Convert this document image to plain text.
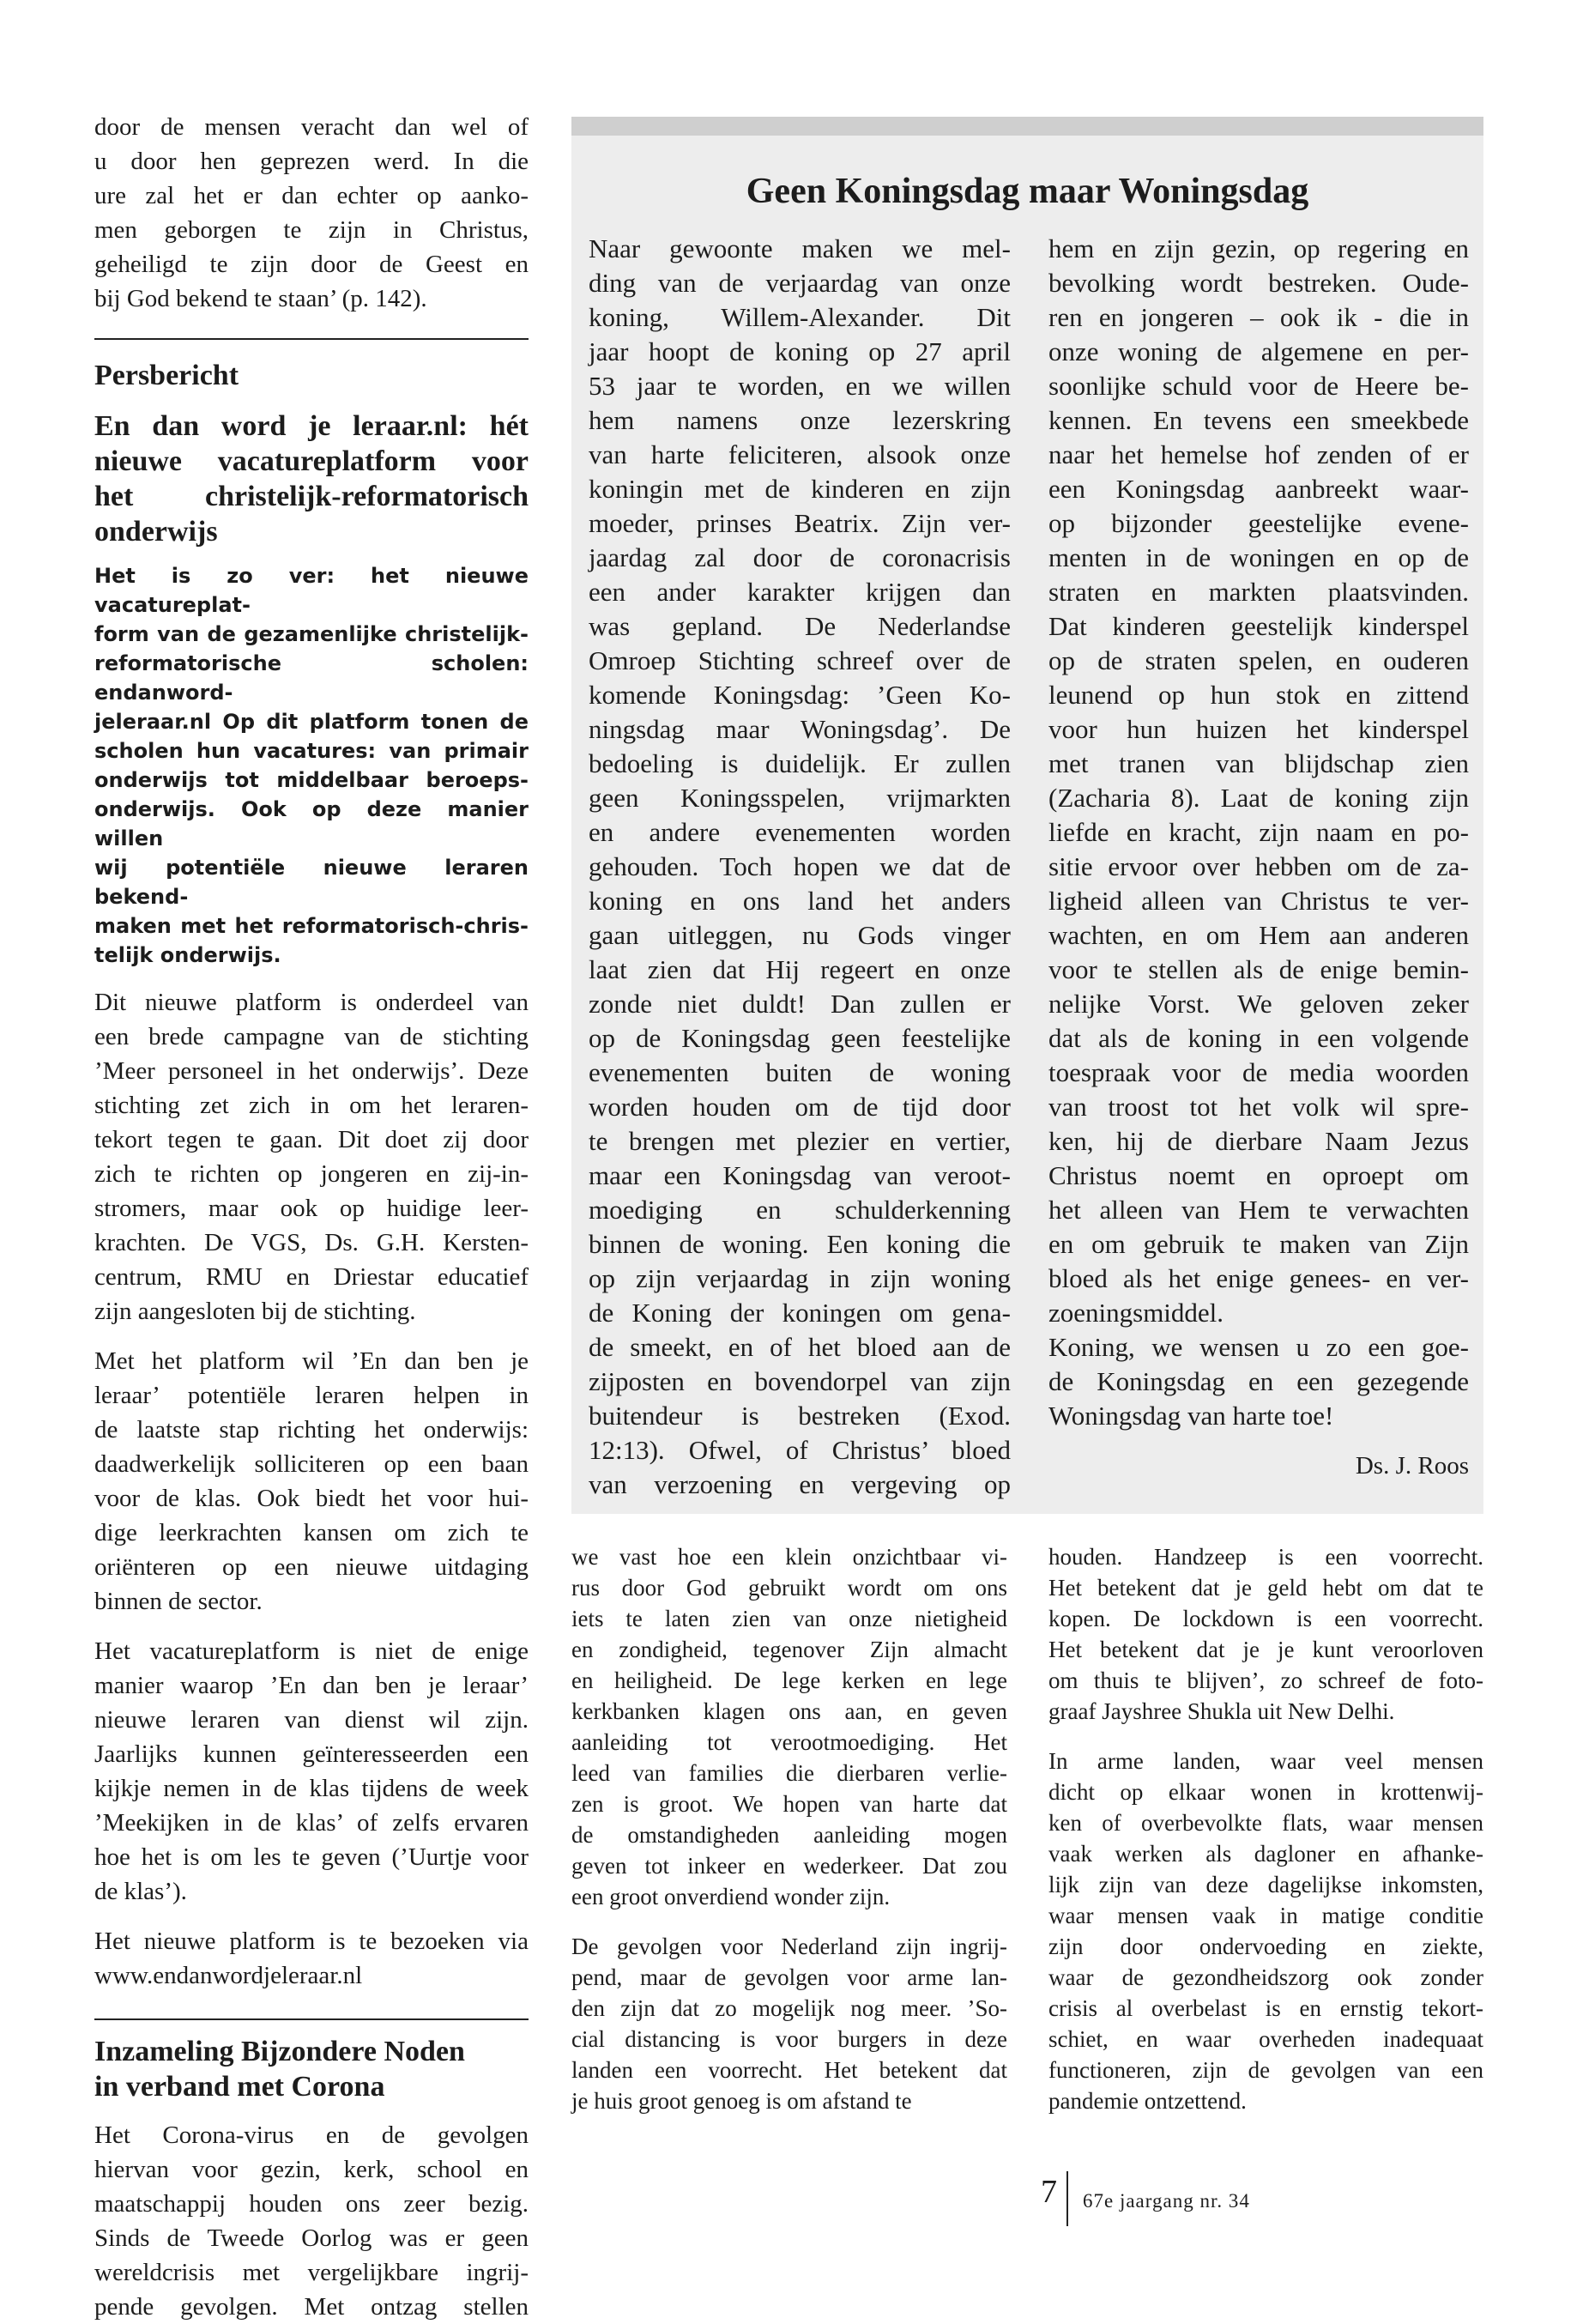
door de mensen veracht dan wel of
u door hen geprezen werd. In die
ure zal het er dan echter op aanko-
men geborgen te zijn in Christus,
geheiligd te zijn door de Geest en
bij God bekend te staan’ (p. 142).

Persbericht

En dan word je leraar.nl: hét
nieuwe vacatureplatform voor
het christelijk-reformatorisch
onderwijs
Het is zo ver: het nieuwe vacatureplat-
form van de gezamenlijke christelijk-
reformatorische scholen: endanword-
jeleraar.nl Op dit platform tonen de
scholen hun vacatures: van primair
onderwijs tot middelbaar beroeps-
onderwijs. Ook op deze manier willen
wij potentiële nieuwe leraren bekend-
maken met het reformatorisch-chris-
telijk onderwijs.
Dit nieuwe platform is onderdeel van
een brede campagne van de stichting
’Meer personeel in het onderwijs’. Deze
stichting zet zich in om het leraren-
tekort tegen te gaan. Dit doet zij door
zich te richten op jongeren en zij-in-
stromers, maar ook op huidige leer-
krachten. De VGS, Ds. G.H. Kersten-
centrum, RMU en Driestar educatief
zijn aangesloten bij de stichting.
Met het platform wil ’En dan ben je
leraar’ potentiële leraren helpen in
de laatste stap richting het onderwijs:
daadwerkelijk solliciteren op een baan
voor de klas. Ook biedt het voor hui-
dige leerkrachten kansen om zich te
oriënteren op een nieuwe uitdaging
binnen de sector.
Het vacatureplatform is niet de enige
manier waarop ’En dan ben je leraar’
nieuwe leraren van dienst wil zijn.
Jaarlijks kunnen geïnteresseerden een
kijkje nemen in de klas tijdens de week
’Meekijken in de klas’ of zelfs ervaren
hoe het is om les te geven (’Uurtje voor
de klas’).
Het nieuwe platform is te bezoeken via
www.endanwordjeleraar.nl
Inzameling Bijzondere Noden
in verband met Corona
Het Corona-virus en de gevolgen
hiervan voor gezin, kerk, school en
maatschappij houden ons zeer bezig.
Sinds de Tweede Oorlog was er geen
wereldcrisis met vergelijkbare ingrij-
pende gevolgen. Met ontzag stellen

Geen Koningsdag maar Woningsdag

Naar gewoonte maken we mel-
ding van de verjaardag van onze
koning, Willem-Alexander. Dit
jaar hoopt de koning op 27 april
53 jaar te worden, en we willen
hem namens onze lezerskring
van harte feliciteren, alsook onze
koningin met de kinderen en zijn
moeder, prinses Beatrix. Zijn ver-
jaardag zal door de coronacrisis
een ander karakter krijgen dan
was gepland. De Nederlandse
Omroep Stichting schreef over de
komende Koningsdag: ’Geen Ko-
ningsdag maar Woningsdag’. De
bedoeling is duidelijk. Er zullen
geen Koningsspelen, vrijmarkten
en andere evenementen worden
gehouden. Toch hopen we dat de
koning en ons land het anders
gaan uitleggen, nu Gods vinger
laat zien dat Hij regeert en onze
zonde niet duldt! Dan zullen er
op de Koningsdag geen feestelijke
evenementen buiten de woning
worden houden om de tijd door
te brengen met plezier en vertier,
maar een Koningsdag van veroot-
moediging en schulderkenning
binnen de woning. Een koning die
op zijn verjaardag in zijn woning
de Koning der koningen om gena-
de smeekt, en of het bloed aan de
zijposten en bovendorpel van zijn
buitendeur is bestreken (Exod.
12:13). Ofwel, of Christus’ bloed
van verzoening en vergeving op
hem en zijn gezin, op regering en
bevolking wordt bestreken. Oude-
ren en jongeren – ook ik - die in
onze woning de algemene en per-
soonlijke schuld voor de Heere be-
kennen. En tevens een smeekbede
naar het hemelse hof zenden of er
een Koningsdag aanbreekt waar-
op bijzonder geestelijke evene-
menten in de woningen en op de
straten en markten plaatsvinden.
Dat kinderen geestelijk kinderspel
op de straten spelen, en ouderen
leunend op hun stok en zittend
voor hun huizen het kinderspel
met tranen van blijdschap zien
(Zacharia 8). Laat de koning zijn
liefde en kracht, zijn naam en po-
sitie ervoor over hebben om de za-
ligheid alleen van Christus te ver-
wachten, en om Hem aan anderen
voor te stellen als de enige bemin-
nelijke Vorst. We geloven zeker
dat als de koning in een volgende
toespraak voor de media woorden
van troost tot het volk wil spre-
ken, hij de dierbare Naam Jezus
Christus noemt en oproept om
het alleen van Hem te verwachten
en om gebruik te maken van Zijn
bloed als het enige genees- en ver-
zoeningsmiddel.
Koning, we wensen u zo een goe-
de Koningsdag en een gezegende
Woningsdag van harte toe!

Ds. J. Roos

we vast hoe een klein onzichtbaar vi-
rus door God gebruikt wordt om ons
iets te laten zien van onze nietigheid
en zondigheid, tegenover Zijn almacht
en heiligheid. De lege kerken en lege
kerkbanken klagen ons aan, en geven
aanleiding tot verootmoediging. Het
leed van families die dierbaren verlie-
zen is groot. We hopen van harte dat
de omstandigheden aanleiding mogen
geven tot inkeer en wederkeer. Dat zou
een groot onverdiend wonder zijn.
De gevolgen voor Nederland zijn ingrij-
pend, maar de gevolgen voor arme lan-
den zijn dat zo mogelijk nog meer. ’So-
cial distancing is voor burgers in deze
landen een voorrecht. Het betekent dat
je huis groot genoeg is om afstand te
houden. Handzeep is een voorrecht.
Het betekent dat je geld hebt om dat te
kopen. De lockdown is een voorrecht.
Het betekent dat je je kunt veroorloven
om thuis te blijven’, zo schreef de foto-
graaf Jayshree Shukla uit New Delhi.
In arme landen, waar veel mensen
dicht op elkaar wonen in krottenwij-
ken of overbevolkte flats, waar mensen
vaak werken als dagloner en afhanke-
lijk zijn van deze dagelijkse inkomsten,
waar mensen vaak in matige conditie
zijn door ondervoeding en ziekte,
waar de gezondheidszorg ook zonder
crisis al overbelast is en ernstig tekort-
schiet, en waar overheden inadequaat
functioneren, zijn de gevolgen van een
pandemie ontzettend.
7 67e jaargang nr. 34
